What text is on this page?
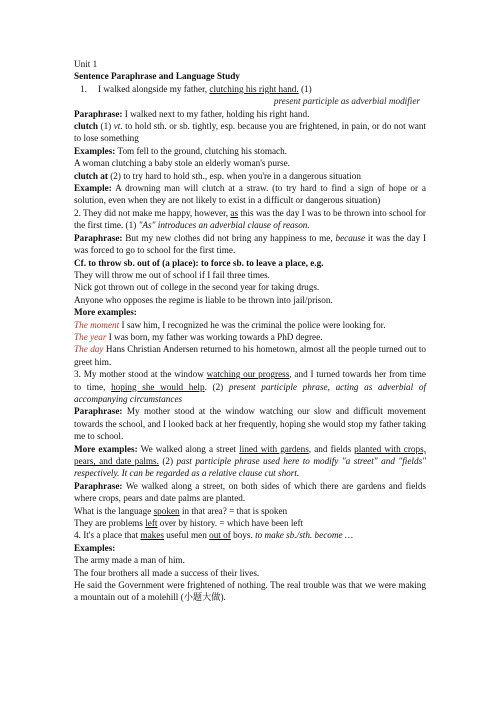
Unit 1
Sentence Paraphrase and Language Study
1. I walked alongside my father, clutching his right hand. (1)
present participle as adverbial modifier
Paraphrase: I walked next to my father, holding his right hand.
clutch (1) vt. to hold sth. or sb. tightly, esp. because you are frightened, in pain, or do not want to lose something
Examples: Tom fell to the ground, clutching his stomach.
A woman clutching a baby stole an elderly woman's purse.
clutch at (2) to try hard to hold sth., esp. when you're in a dangerous situation
Example: A drowning man will clutch at a straw. (to try hard to find a sign of hope or a solution, even when they are not likely to exist in a difficult or dangerous situation)
2. They did not make me happy, however, as this was the day I was to be thrown into school for the first time. (1) "As" introduces an adverbial clause of reason.
Paraphrase: But my new clothes did not bring any happiness to me, because it was the day I was forced to go to school for the first time.
Cf. to throw sb. out of (a place): to force sb. to leave a place, e.g.
They will throw me out of school if I fail three times.
Nick got thrown out of college in the second year for taking drugs.
Anyone who opposes the regime is liable to be thrown into jail/prison.
More examples:
The moment I saw him, I recognized he was the criminal the police were looking for.
The year I was born, my father was working towards a PhD degree.
The day Hans Christian Andersen returned to his hometown, almost all the people turned out to greet him.
3. My mother stood at the window watching our progress, and I turned towards her from time to time, hoping she would help. (2) present participle phrase, acting as adverbial of accompanying circumstances
Paraphrase: My mother stood at the window watching our slow and difficult movement towards the school, and I looked back at her frequently, hoping she would stop my father taking me to school.
More examples: We walked along a street lined with gardens, and fields planted with crops, pears, and date palms. (2) past participle phrase used here to modify "a street" and "fields" respectively. It can be regarded as a relative clause cut short.
Paraphrase: We walked along a street, on both sides of which there are gardens and fields where crops, pears and date palms are planted.
What is the language spoken in that area? = that is spoken
They are problems left over by history. = which have been left
4. It's a place that makes useful men out of boys. to make sb./sth. become …
Examples:
The army made a man of him.
The four brothers all made a success of their lives.
He said the Government were frightened of nothing. The real trouble was that we were making a mountain out of a molehill (小题大做).
